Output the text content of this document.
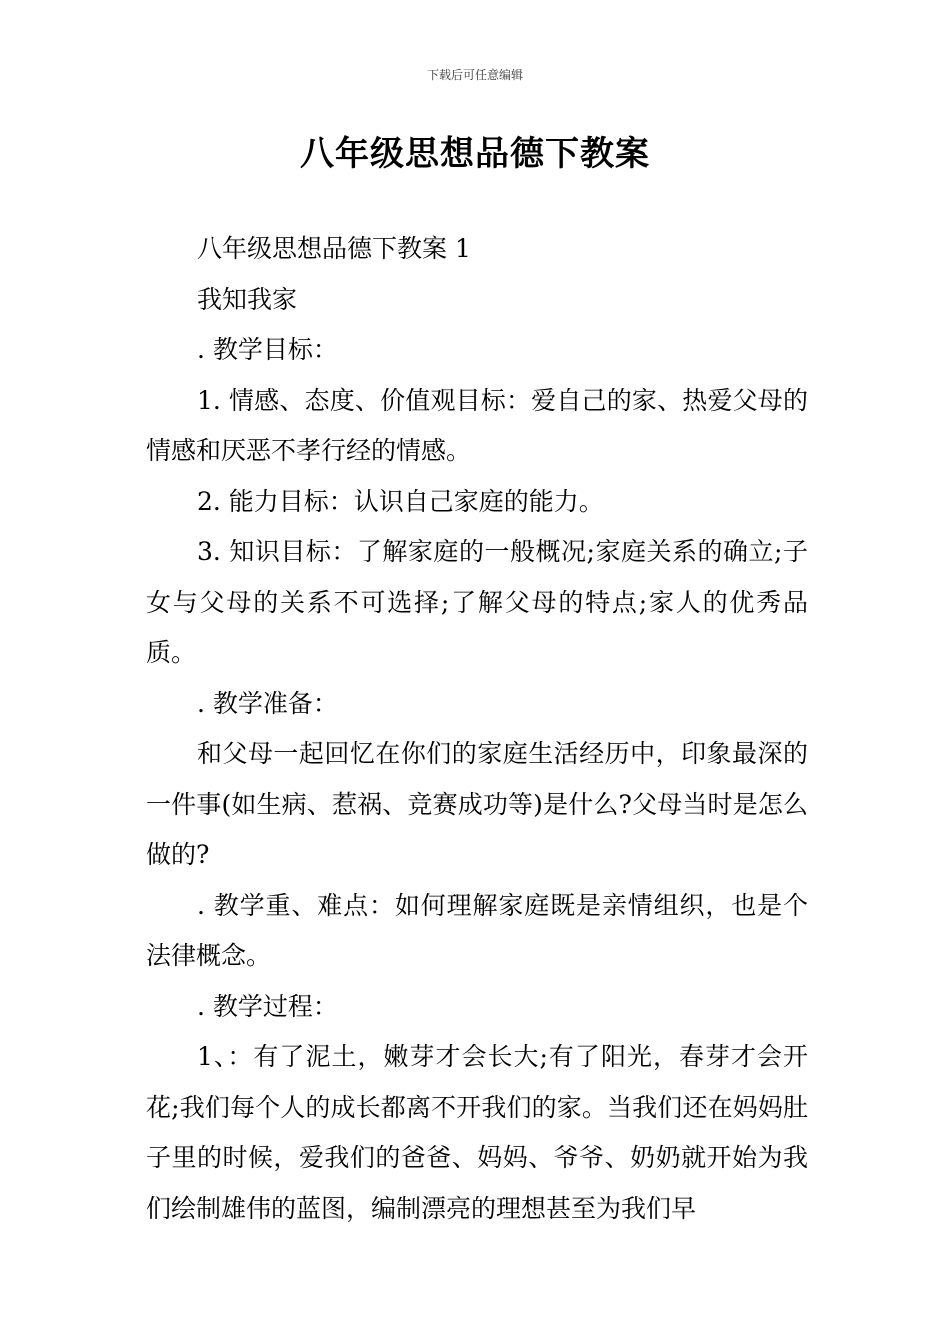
下载后可任意编辑
八年级思想品德下教案

八年级思想品德下教案 1

我知我家

. 教学目标：

1. 情感、态度、价值观目标：爱自己的家、热爱父母的情感和厌恶不孝行经的情感。

2. 能力目标：认识自己家庭的能力。

3. 知识目标：了解家庭的一般概况;家庭关系的确立;子女与父母的关系不可选择;了解父母的特点;家人的优秀品质。

. 教学准备：

和父母一起回忆在你们的家庭生活经历中，印象最深的一件事(如生病、惹祸、竞赛成功等)是什么?父母当时是怎么做的?

. 教学重、难点：如何理解家庭既是亲情组织，也是个法律概念。

. 教学过程：

1、：有了泥土，嫩芽才会长大;有了阳光，春芽才会开花;我们每个人的成长都离不开我们的家。当我们还在妈妈肚子里的时候，爱我们的爸爸、妈妈、爷爷、奶奶就开始为我们绘制雄伟的蓝图，编制漂亮的理想甚至为我们早
